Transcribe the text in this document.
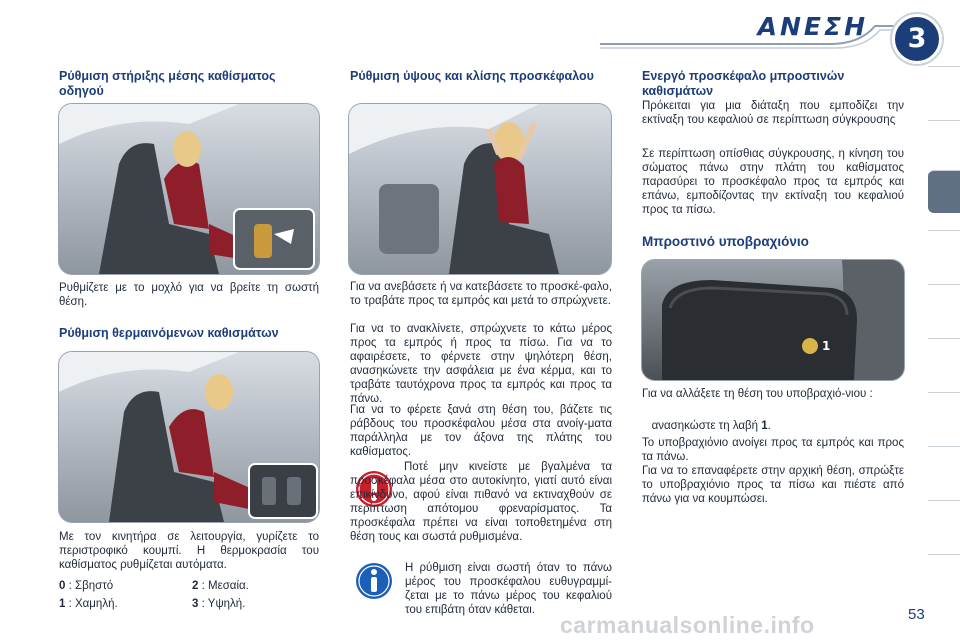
ΑΝΕΣΗ	3
Ρύθμιση στήριξης μέσης καθίσματος οδηγού
Ρυθμίζετε με το μοχλό για να βρείτε τη σωστή θέση.
Ρύθμιση θερμαινόμενων καθισμάτων
Με τον κινητήρα σε λειτουργία, γυρίζετε το περιστροφικό κουμπί. Η θερμοκρασία του καθίσματος ρυθμίζεται αυτόματα.
0 : Σβηστό	2 : Μεσαία.
1 : Χαμηλή.	3 : Υψηλή.
Ρύθμιση ύψους και κλίσης προσκέφαλου
Για να ανεβάσετε ή να κατεβάσετε το προσκέ-φαλο, το τραβάτε προς τα εμπρός και μετά το σπρώχνετε.
Για να το ανακλίνετε, σπρώχνετε το κάτω μέρος προς τα εμπρός ή προς τα πίσω. Για να το αφαιρέσετε, το φέρνετε στην ψηλότερη θέση, ανασηκώνετε την ασφάλεια με ένα κέρμα, και το τραβάτε ταυτόχρονα προς τα εμπρός και προς τα πάνω.
Για να το φέρετε ξανά στη θέση του, βάζετε τις ράβδους του προσκέφαλου μέσα στα ανοίγ-ματα παράλληλα με τον άξονα της πλάτης του καθίσματος.
Ποτέ μην κινείστε με βγαλμένα τα προσκέφαλα μέσα στο αυτοκίνητο, γιατί αυτό είναι επικίνδυνο, αφού είναι πιθανό να εκτιναχθούν σε περίπτωση απότομου φρεναρίσματος. Τα προσκέφαλα πρέπει να είναι τοποθετημένα στη θέση τους και σωστά ρυθμισμένα.
Η ρύθμιση είναι σωστή όταν το πάνω μέρος του προσκέφαλου ευθυγραμμί-ζεται με το πάνω μέρος του κεφαλιού του επιβάτη όταν κάθεται.
Ενεργό προσκέφαλο μπροστινών καθισμάτων
Πρόκειται για μια διάταξη που εμποδίζει την εκτίναξη του κεφαλιού σε περίπτωση σύγκρουσης
Σε περίπτωση οπίσθιας σύγκρουσης, η κίνηση του σώματος πάνω στην πλάτη του καθίσματος παρασύρει το προσκέφαλο προς τα εμπρός και επάνω, εμποδίζοντας την εκτίναξη του κεφαλιού προς τα πίσω.
Μπροστινό υποβραχιόνιο
1
Για να αλλάξετε τη θέση του υποβραχιό-νιου :
ανασηκώστε τη λαβή 1.
Το υποβραχιόνιο ανοίγει προς τα εμπρός και προς τα πάνω.
Για να το επαναφέρετε στην αρχική θέση, σπρώξτε το υποβραχιόνιο προς τα πίσω και πιέστε από πάνω για να κουμπώσει.
carmanualsonline.info	53
